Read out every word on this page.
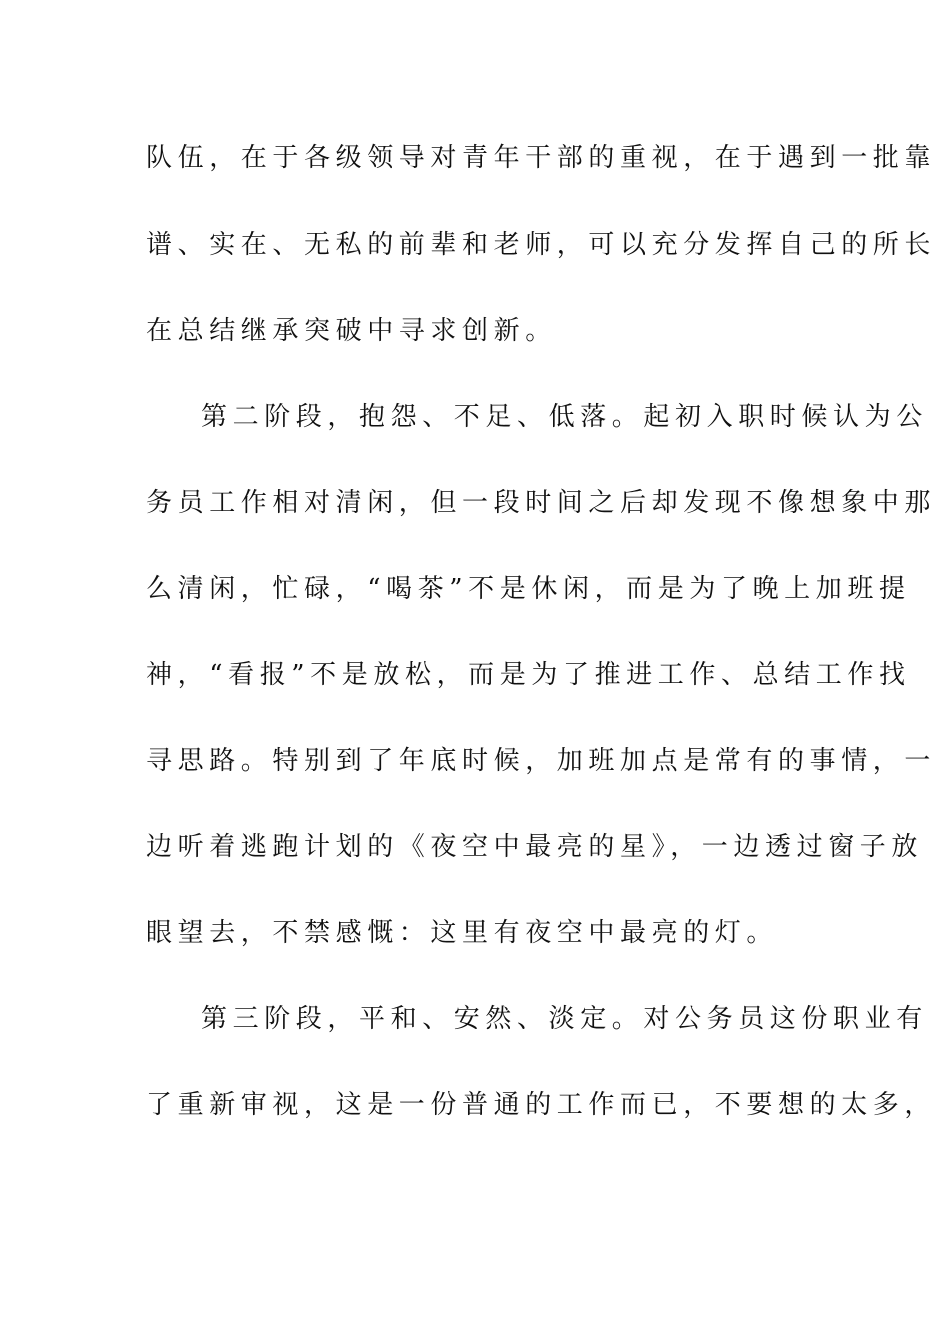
队伍，在于各级领导对青年干部的重视，在于遇到一批靠
谱、实在、无私的前辈和老师，可以充分发挥自己的所长
在总结继承突破中寻求创新。
第二阶段，抱怨、不足、低落。起初入职时候认为公
务员工作相对清闲，但一段时间之后却发现不像想象中那
么清闲，忙碌，“喝茶”不是休闲，而是为了晚上加班提
神，“看报”不是放松，而是为了推进工作、总结工作找
寻思路。特别到了年底时候，加班加点是常有的事情，一
边听着逃跑计划的《夜空中最亮的星》，一边透过窗子放
眼望去，不禁感慨：这里有夜空中最亮的灯。
第三阶段，平和、安然、淡定。对公务员这份职业有
了重新审视，这是一份普通的工作而已，不要想的太多，
